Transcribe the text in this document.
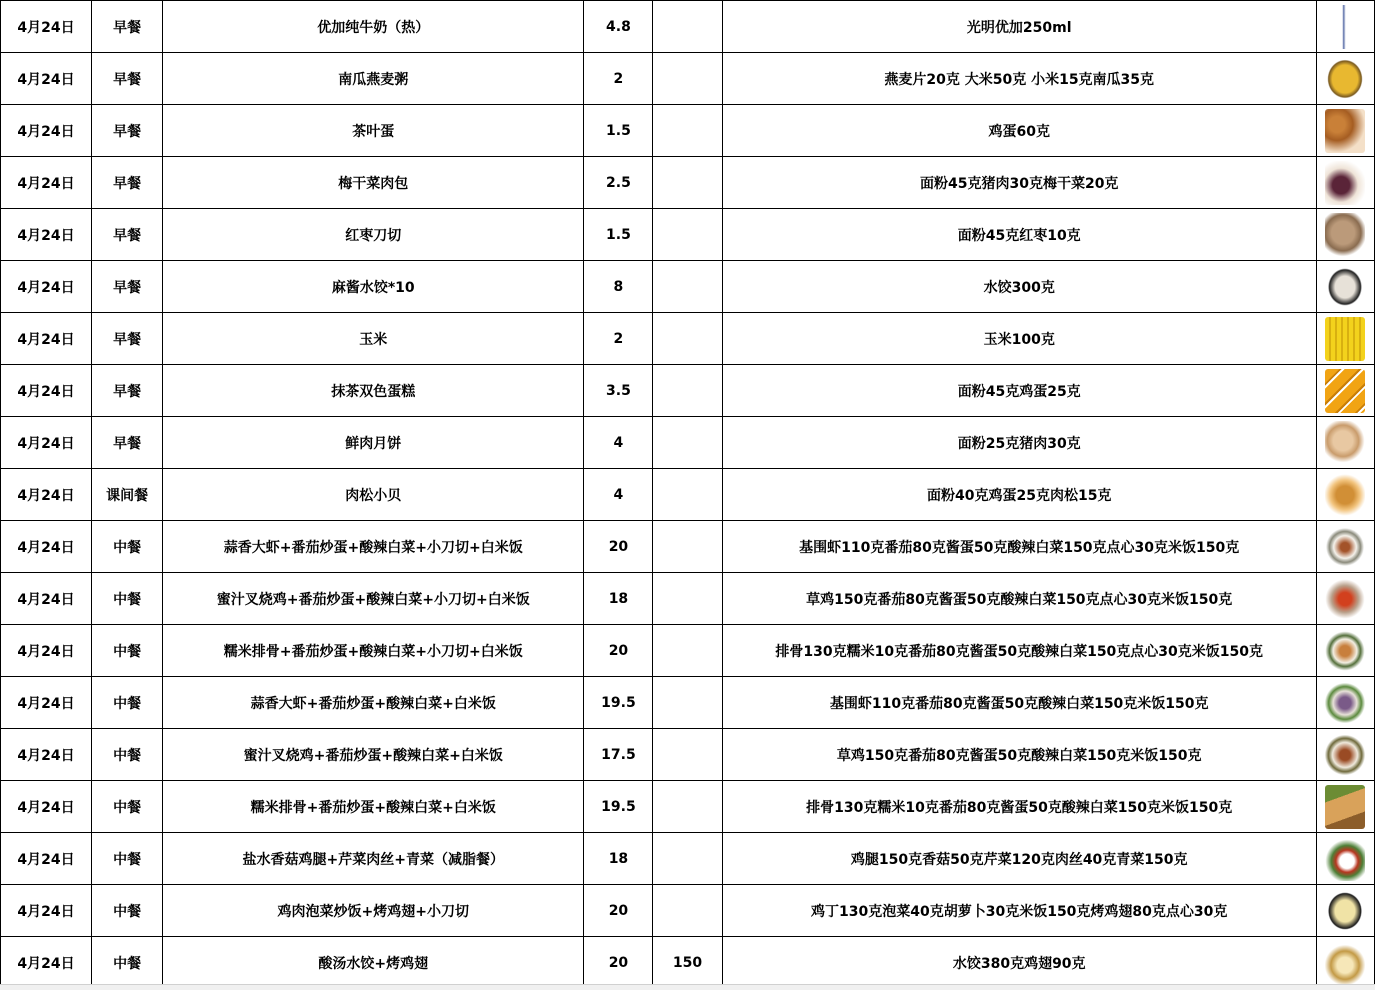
4月24日	早餐	优加纯牛奶（热）	4.8		光明优加250ml	

4月24日	早餐	南瓜燕麦粥	2		燕麦片20克 大米50克 小米15克南瓜35克	

4月24日	早餐	茶叶蛋	1.5		鸡蛋60克	

4月24日	早餐	梅干菜肉包	2.5		面粉45克猪肉30克梅干菜20克	

4月24日	早餐	红枣刀切	1.5		面粉45克红枣10克	

4月24日	早餐	麻酱水饺*10	8		水饺300克	

4月24日	早餐	玉米	2		玉米100克	

4月24日	早餐	抹茶双色蛋糕	3.5		面粉45克鸡蛋25克	

4月24日	早餐	鲜肉月饼	4		面粉25克猪肉30克	

4月24日	课间餐	肉松小贝	4		面粉40克鸡蛋25克肉松15克	

4月24日	中餐	蒜香大虾+番茄炒蛋+酸辣白菜+小刀切+白米饭	20		基围虾110克番茄80克酱蛋50克酸辣白菜150克点心30克米饭150克	

4月24日	中餐	蜜汁叉烧鸡+番茄炒蛋+酸辣白菜+小刀切+白米饭	18		草鸡150克番茄80克酱蛋50克酸辣白菜150克点心30克米饭150克	

4月24日	中餐	糯米排骨+番茄炒蛋+酸辣白菜+小刀切+白米饭	20		排骨130克糯米10克番茄80克酱蛋50克酸辣白菜150克点心30克米饭150克	

4月24日	中餐	蒜香大虾+番茄炒蛋+酸辣白菜+白米饭	19.5		基围虾110克番茄80克酱蛋50克酸辣白菜150克米饭150克	

4月24日	中餐	蜜汁叉烧鸡+番茄炒蛋+酸辣白菜+白米饭	17.5		草鸡150克番茄80克酱蛋50克酸辣白菜150克米饭150克	

4月24日	中餐	糯米排骨+番茄炒蛋+酸辣白菜+白米饭	19.5		排骨130克糯米10克番茄80克酱蛋50克酸辣白菜150克米饭150克	

4月24日	中餐	盐水香菇鸡腿+芹菜肉丝+青菜（减脂餐）	18		鸡腿150克香菇50克芹菜120克肉丝40克青菜150克	

4月24日	中餐	鸡肉泡菜炒饭+烤鸡翅+小刀切	20		鸡丁130克泡菜40克胡萝卜30克米饭150克烤鸡翅80克点心30克	

4月24日	中餐	酸汤水饺+烤鸡翅	20	150	水饺380克鸡翅90克	
